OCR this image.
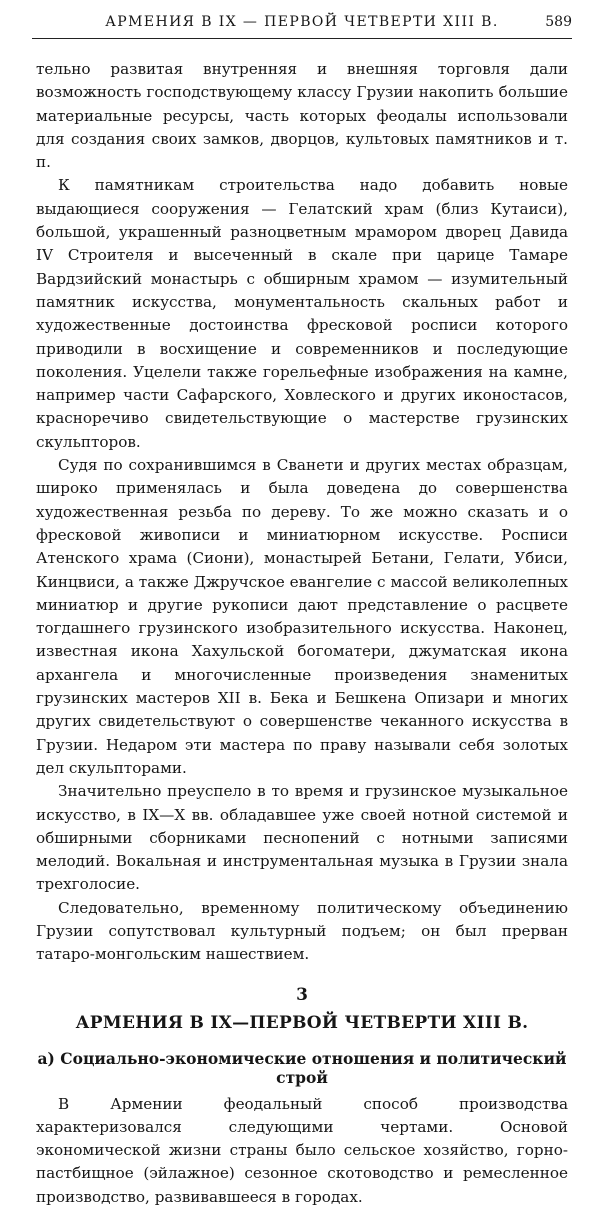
АРМЕНИЯ В IX — ПЕРВОЙ ЧЕТВЕРТИ XIII В.	589

тельно развитая внутренняя и внешняя торговля дали возможность господствующему классу Грузии накопить большие материальные ресурсы, часть которых феодалы использовали для создания своих замков, дворцов, культовых памятников и т. п.

К памятникам строительства надо добавить новые выдающиеся сооружения — Гелатский храм (близ Кутаиси), большой, украшенный разноцветным мрамором дворец Давида IV Строителя и высеченный в скале при царице Тамаре Вардзийский монастырь с обширным храмом — изумительный памятник искусства, монументальность скальных работ и художественные достоинства фресковой росписи которого приводили в восхищение и современников и последующие поколения. Уцелели также горельефные изображения на камне, например части Сафарского, Ховлеского и других иконостасов, красноречиво свидетельствующие о мастерстве грузинских скульпторов.

Судя по сохранившимся в Сванети и других местах образцам, широко применялась и была доведена до совершенства художественная резьба по дереву. То же можно сказать и о фресковой живописи и миниатюрном искусстве. Росписи Атенского храма (Сиони), монастырей Бетани, Гелати, Убиси, Кинцвиси, а также Джручское евангелие с массой великолепных миниатюр и другие рукописи дают представление о расцвете тогдашнего грузинского изобразительного искусства. Наконец, известная икона Хахульской богоматери, джуматская икона архангела и многочисленные произведения знаменитых грузинских мастеров XII в. Бека и Бешкена Опизари и многих других свидетельствуют о совершенстве чеканного искусства в Грузии. Недаром эти мастера по праву называли себя золотых дел скульпторами.

Значительно преуспело в то время и грузинское музыкальное искусство, в IX—X вв. обладавшее уже своей нотной системой и обширными сборниками песнопений с нотными записями мелодий. Вокальная и инструментальная музыка в Грузии знала трехголосие.

Следовательно, временному политическому объединению Грузии сопутствовал культурный подъем; он был прерван татаро-монгольским нашествием.

3
АРМЕНИЯ В IX—ПЕРВОЙ ЧЕТВЕРТИ XIII В.
а) Социально-экономические отношения и политический строй

В Армении феодальный способ производства характеризовался следующими чертами. Основой экономической жизни страны было сельское хозяйство, горно-пастбищное (эйлажное) сезонное скотоводство и ремесленное производство, развивавшееся в городах.
